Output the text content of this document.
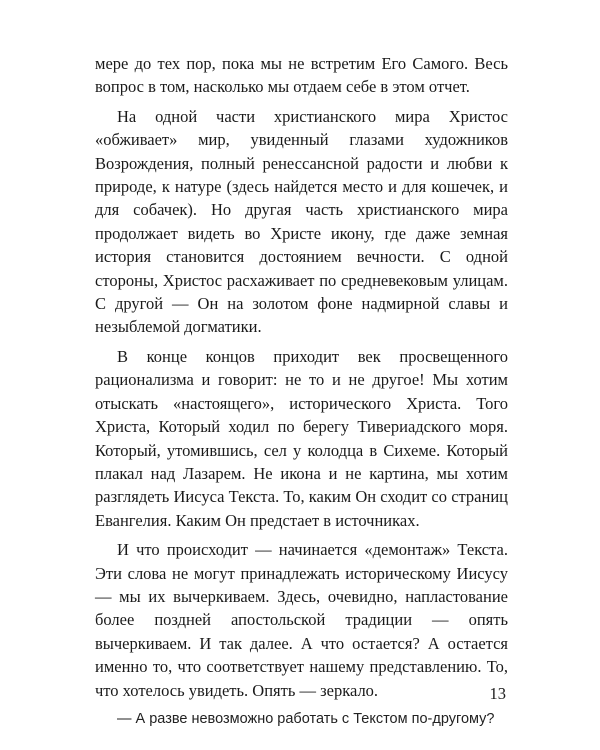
мере до тех пор, пока мы не встретим Его Самого. Весь вопрос в том, насколько мы отдаем себе в этом отчет.

На одной части христианского мира Христос «обживает» мир, увиденный глазами художников Возрождения, полный ренессансной радости и любви к природе, к натуре (здесь найдется место и для кошечек, и для собачек). Но другая часть христианского мира продолжает видеть во Христе икону, где даже земная история становится достоянием вечности. С одной стороны, Христос расхаживает по средневековым улицам. С другой — Он на золотом фоне надмирной славы и незыблемой догматики.

В конце концов приходит век просвещенного рационализма и говорит: не то и не другое! Мы хотим отыскать «настоящего», исторического Христа. Того Христа, Который ходил по берегу Тивериадского моря. Который, утомившись, сел у колодца в Сихеме. Который плакал над Лазарем. Не икона и не картина, мы хотим разглядеть Иисуса Текста. То, каким Он сходит со страниц Евангелия. Каким Он предстает в источниках.

И что происходит — начинается «демонтаж» Текста. Эти слова не могут принадлежать историческому Иисусу — мы их вычеркиваем. Здесь, очевидно, напластование более поздней апостольской традиции — опять вычеркиваем. И так далее. А что остается? А остается именно то, что соответствует нашему представлению. То, что хотелось увидеть. Опять — зеркало.

— А разве невозможно работать с Текстом по-другому?

13
